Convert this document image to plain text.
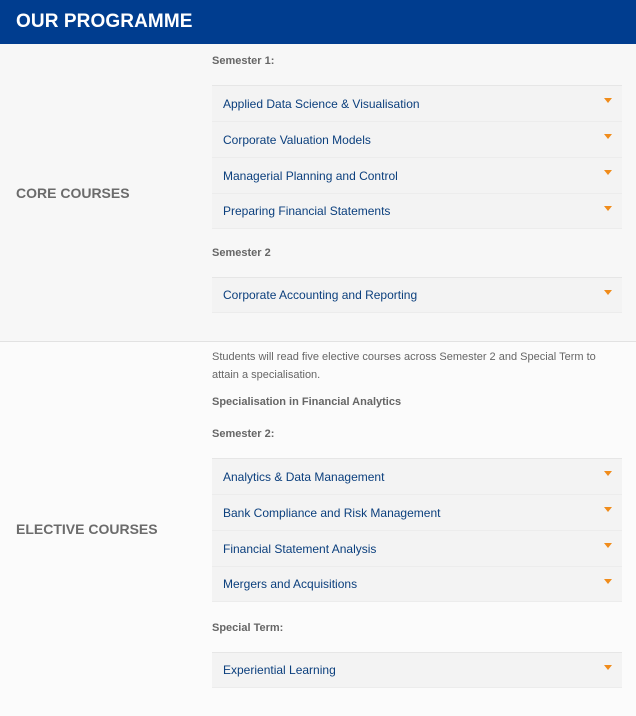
OUR PROGRAMME
CORE COURSES

Semester 1:

Applied Data Science & Visualisation
Corporate Valuation Models
Managerial Planning and Control
Preparing Financial Statements

Semester 2

Corporate Accounting and Reporting
ELECTIVE COURSES

Students will read five elective courses across Semester 2 and Special Term to attain a specialisation.

Specialisation in Financial Analytics

Semester 2:

Analytics & Data Management
Bank Compliance and Risk Management
Financial Statement Analysis
Mergers and Acquisitions

Special Term:

Experiential Learning
